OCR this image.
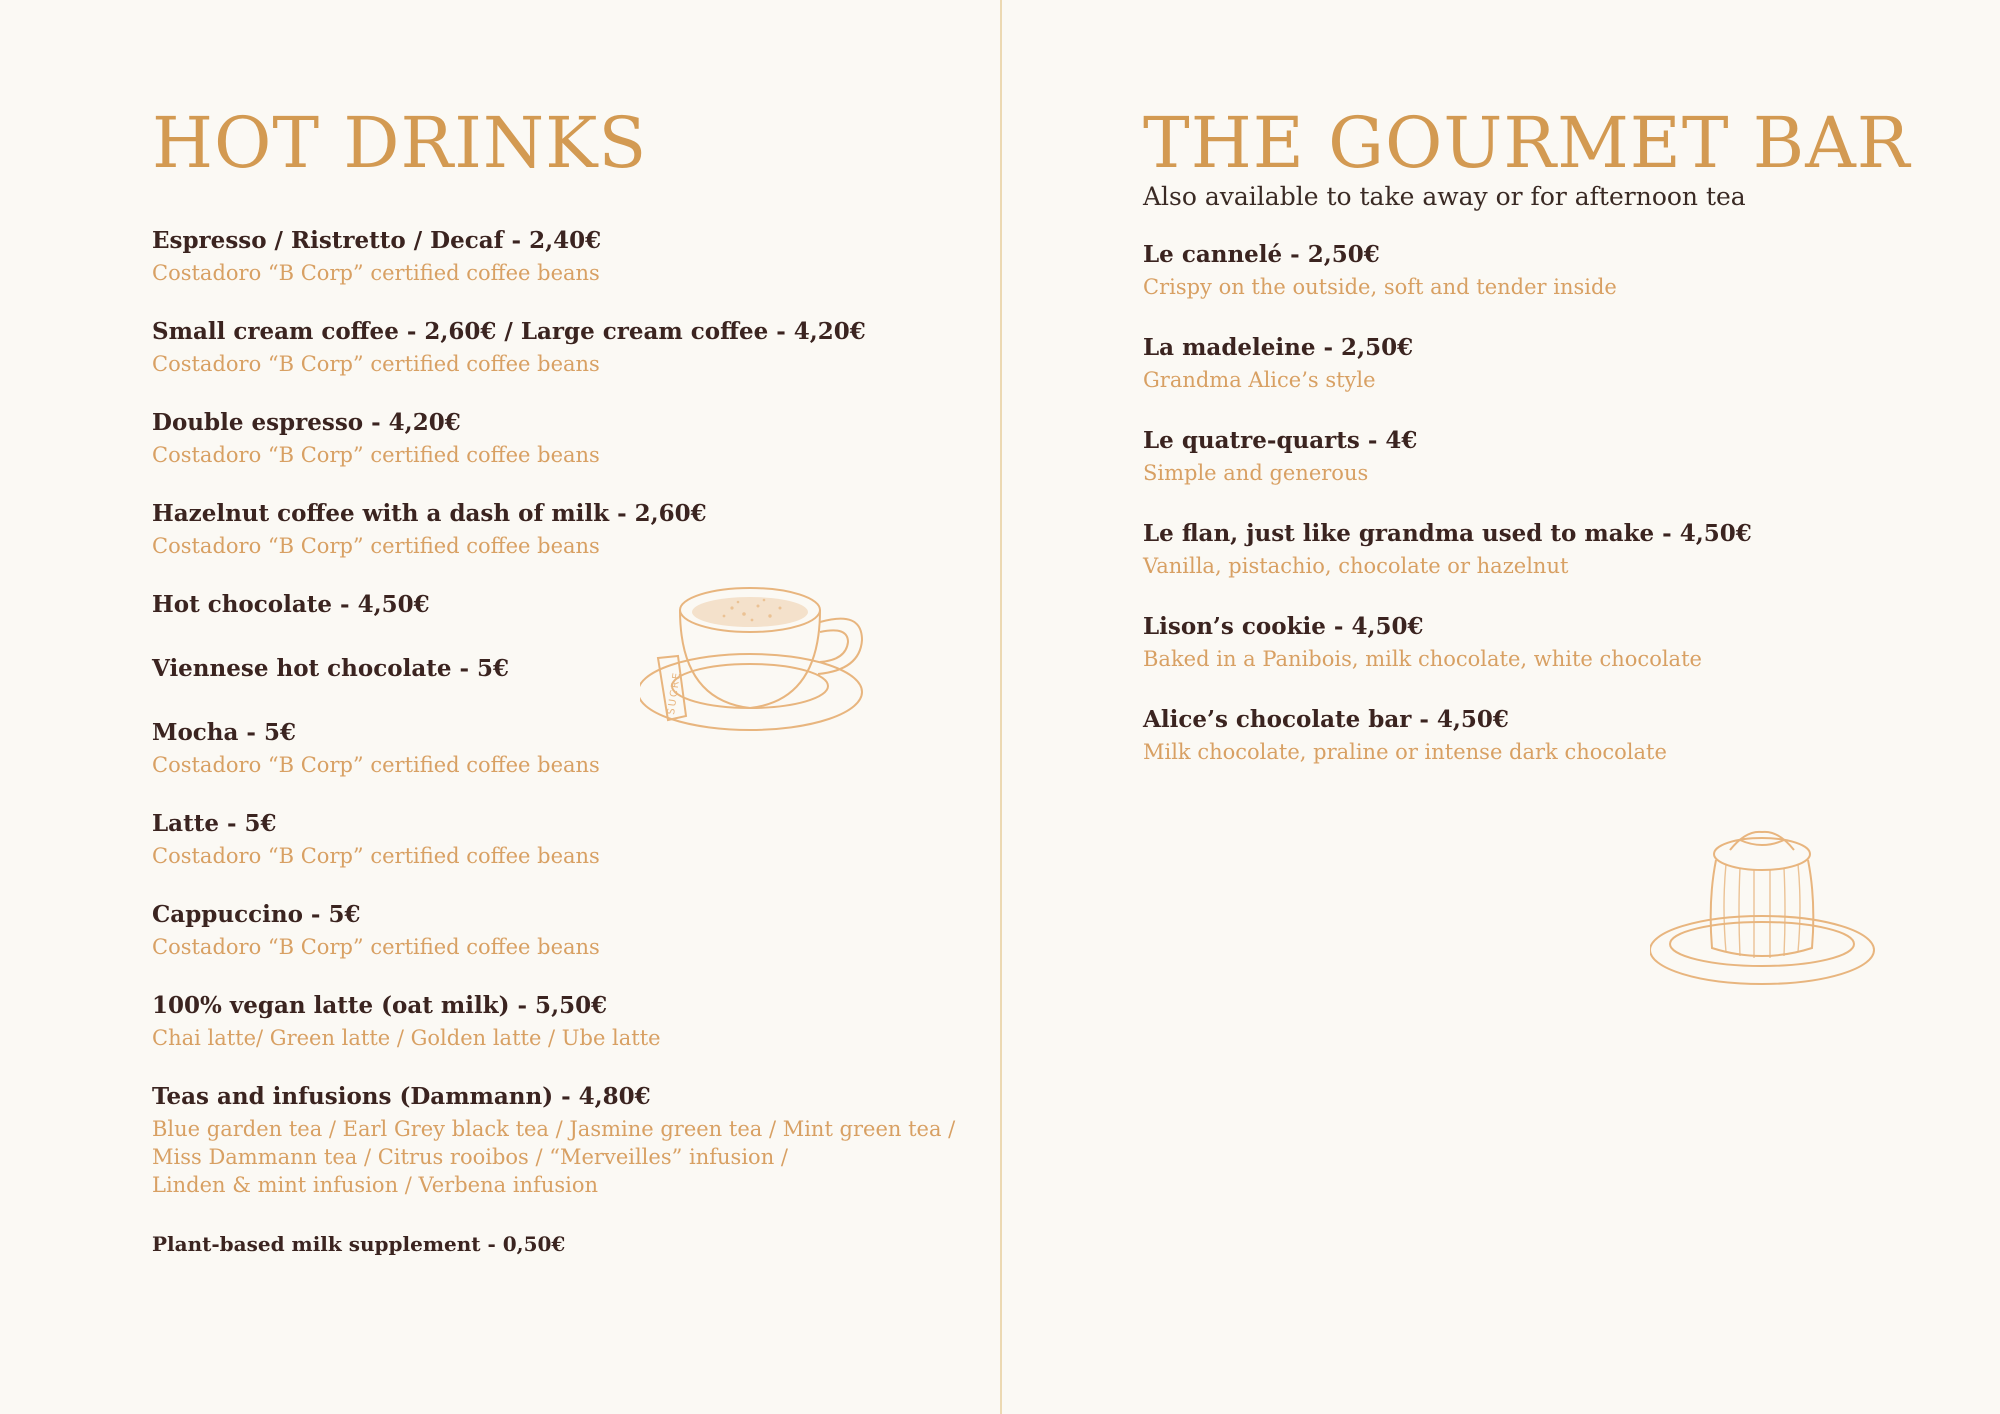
HOT DRINKS
Espresso / Ristretto / Decaf - 2,40€
Costadoro “B Corp” certified coffee beans
Small cream coffee - 2,60€ / Large cream coffee - 4,20€
Costadoro “B Corp” certified coffee beans
Double espresso - 4,20€
Costadoro “B Corp” certified coffee beans
Hazelnut coffee with a dash of milk - 2,60€
Costadoro “B Corp” certified coffee beans
Hot chocolate - 4,50€
Viennese hot chocolate - 5€
Mocha - 5€
Costadoro “B Corp” certified coffee beans
Latte - 5€
Costadoro “B Corp” certified coffee beans
Cappuccino - 5€
Costadoro “B Corp” certified coffee beans
100% vegan latte (oat milk) - 5,50€
Chai latte/ Green latte / Golden latte / Ube latte
Teas and infusions (Dammann) - 4,80€
Blue garden tea / Earl Grey black tea / Jasmine green tea / Mint green tea /
Miss Dammann tea / Citrus rooibos / “Merveilles” infusion /
Linden & mint infusion / Verbena infusion
Plant-based milk supplement - 0,50€
SUCRE
THE GOURMET BAR
Also available to take away or for afternoon tea
Le cannelé - 2,50€
Crispy on the outside, soft and tender inside
La madeleine - 2,50€
Grandma Alice’s style
Le quatre-quarts - 4€
Simple and generous
Le flan, just like grandma used to make - 4,50€
Vanilla, pistachio, chocolate or hazelnut
Lison’s cookie - 4,50€
Baked in a Panibois, milk chocolate, white chocolate
Alice’s chocolate bar - 4,50€
Milk chocolate, praline or intense dark chocolate
